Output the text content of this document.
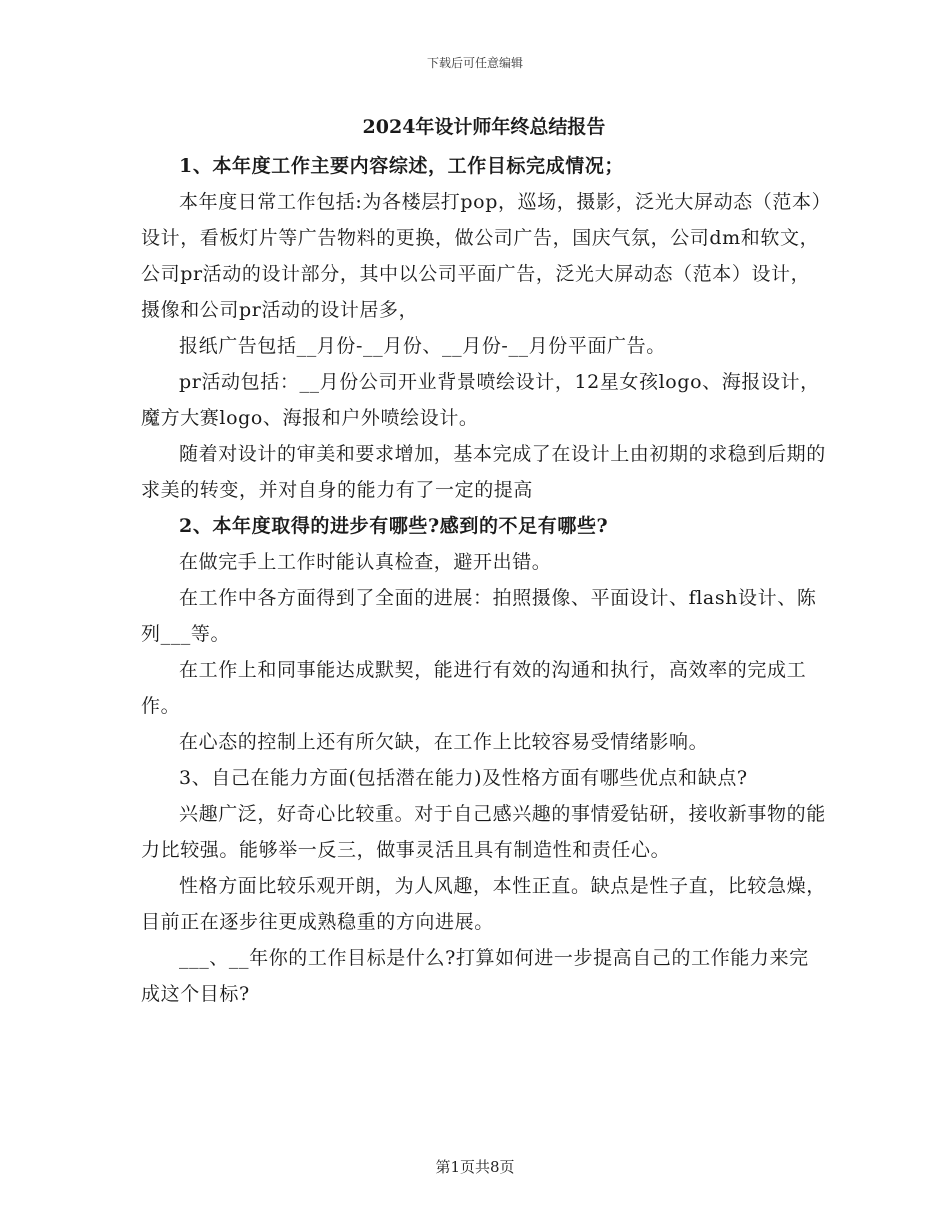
下载后可任意编辑
2024年设计师年终总结报告

1、本年度工作主要内容综述，工作目标完成情况；

本年度日常工作包括:为各楼层打pop，巡场，摄影，泛光大屏动态（范本）设计，看板灯片等广告物料的更换，做公司广告，国庆气氛，公司dm和软文，公司pr活动的设计部分，其中以公司平面广告，泛光大屏动态（范本）设计，摄像和公司pr活动的设计居多，

报纸广告包括__月份-__月份、__月份-__月份平面广告。

pr活动包括：__月份公司开业背景喷绘设计，12星女孩logo、海报设计，魔方大赛logo、海报和户外喷绘设计。

随着对设计的审美和要求增加，基本完成了在设计上由初期的求稳到后期的求美的转变，并对自身的能力有了一定的提高

2、本年度取得的进步有哪些?感到的不足有哪些?

在做完手上工作时能认真检查，避开出错。

在工作中各方面得到了全面的进展：拍照摄像、平面设计、flash设计、陈列___等。

在工作上和同事能达成默契，能进行有效的沟通和执行，高效率的完成工作。

在心态的控制上还有所欠缺，在工作上比较容易受情绪影响。

3、自己在能力方面(包括潜在能力)及性格方面有哪些优点和缺点?

兴趣广泛，好奇心比较重。对于自己感兴趣的事情爱钻研，接收新事物的能力比较强。能够举一反三，做事灵活且具有制造性和责任心。

性格方面比较乐观开朗，为人风趣，本性正直。缺点是性子直，比较急燥，目前正在逐步往更成熟稳重的方向进展。

___、__年你的工作目标是什么?打算如何进一步提高自己的工作能力来完成这个目标?

第1页共8页
